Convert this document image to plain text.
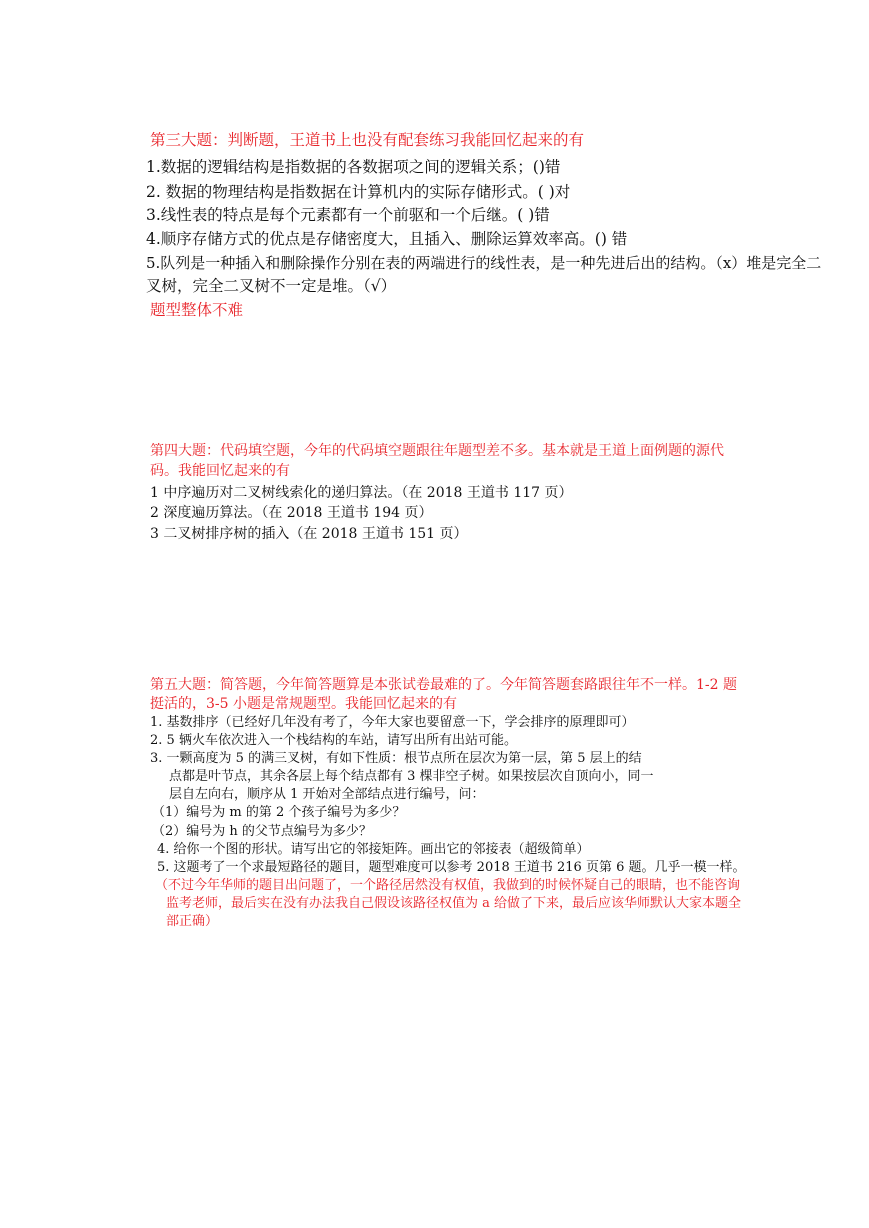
第三大题：判断题，王道书上也没有配套练习我能回忆起来的有
1.数据的逻辑结构是指数据的各数据项之间的逻辑关系；()错
2. 数据的物理结构是指数据在计算机内的实际存储形式。( )对
3.线性表的特点是每个元素都有一个前驱和一个后继。( )错
4.顺序存储方式的优点是存储密度大，且插入、删除运算效率高。() 错
5.队列是一种插入和删除操作分别在表的两端进行的线性表，是一种先进后出的结构。（x）堆是完全二
叉树，完全二叉树不一定是堆。（√）
题型整体不难
第四大题：代码填空题，今年的代码填空题跟往年题型差不多。基本就是王道上面例题的源代
码。我能回忆起来的有
1 中序遍历对二叉树线索化的递归算法。（在 2018 王道书 117 页）
2 深度遍历算法。（在 2018 王道书 194 页）
3 二叉树排序树的插入（在 2018 王道书 151 页）
第五大题：简答题，今年简答题算是本张试卷最难的了。今年简答题套路跟往年不一样。1-2 题
挺活的，3-5 小题是常规题型。我能回忆起来的有
1. 基数排序（已经好几年没有考了，今年大家也要留意一下，学会排序的原理即可）
2. 5 辆火车依次进入一个栈结构的车站，请写出所有出站可能。
3. 一颗高度为 5 的满三叉树，有如下性质：根节点所在层次为第一层，第 5 层上的结
点都是叶节点，其余各层上每个结点都有 3 棵非空子树。如果按层次自顶向小，同一
层自左向右，顺序从 1 开始对全部结点进行编号，问：
（1）编号为 m 的第 2 个孩子编号为多少？
（2）编号为 h 的父节点编号为多少？
4. 给你一个图的形状。请写出它的邻接矩阵。画出它的邻接表（超级简单）
5. 这题考了一个求最短路径的题目，题型难度可以参考 2018 王道书 216 页第 6 题。几乎一模一样。
（不过今年华师的题目出问题了，一个路径居然没有权值，我做到的时候怀疑自己的眼睛，也不能咨询
监考老师，最后实在没有办法我自己假设该路径权值为 a 给做了下来，最后应该华师默认大家本题全
部正确）
